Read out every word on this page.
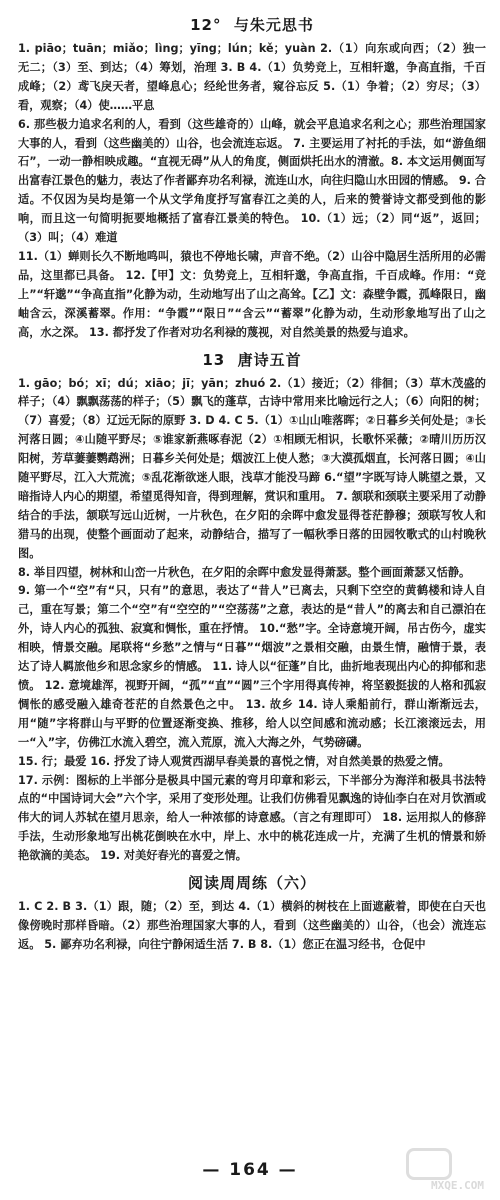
12°  与朱元思书

1. piāo；tuān；miǎo；lìng；yīng；lún；kě；yuàn 2.（1）向东或向西；（2）独一无二；（3）至、到达；（4）筹划，治理 3. B 4.（1）负势竞上，互相轩邈，争高直指，千百成峰；（2）鸢飞戾天者，望峰息心；经纶世务者，窥谷忘反 5.（1）争着；（2）穷尽；（3）看，观察；（4）使……平息

6. 那些极力追求名利的人，看到（这些雄奇的）山峰，就会平息追求名利之心；那些治理国家大事的人，看到（这些幽美的）山谷，也会流连忘返。 7. 主要运用了衬托的手法，如“游鱼细石”，一动一静相映成趣。“直视无碍”从人的角度，侧面烘托出水的清澈。8. 本文运用侧面写出富春江景色的魅力，表达了作者鄙弃功名利禄，流连山水，向往归隐山水田园的情感。 9. 合适。不仅因为吴均是第一个从文学角度抒写富春江之美的人，后来的赞誉诗文都受到他的影响，而且这一句简明扼要地概括了富春江景美的特色。 10.（1）远；（2）同“返”，返回；（3）叫；（4）难道

11.（1）蝉则长久不断地鸣叫，猿也不停地长啸，声音不绝。（2）山谷中隐居生活所用的必需品，这里都已具备。 12.【甲】文：负势竞上，互相轩邈，争高直指，千百成峰。作用：“竞上”“轩邈”“争高直指”化静为动，生动地写出了山之高耸。【乙】文：森壁争霞，孤峰限日，幽岫含云，深溪蓄翠。作用：“争霞”“限日”“含云”“蓄翠”化静为动，生动形象地写出了山之高，水之深。 13. 都抒发了作者对功名利禄的蔑视，对自然美景的热爱与追求。

13  唐诗五首

1. gāo；bó；xī；dú；xiāo；jī；yān；zhuó 2.（1）接近；（2）徘徊；（3）草木茂盛的样子；（4）飘飘荡荡的样子；（5）飘飞的蓬草，古诗中常用来比喻远行之人；（6）向阳的树；（7）喜爱；（8）辽远无际的原野 3. D 4. C 5.（1）①山山唯落晖；②日暮乡关何处是；③长河落日圆；④山随平野尽；⑤谁家新燕啄春泥（2）①相顾无相识，长歌怀采薇；②晴川历历汉阳树，芳草萋萋鹦鹉洲；日暮乡关何处是；烟波江上使人愁；③大漠孤烟直，长河落日圆；④山随平野尽，江入大荒流；⑤乱花渐欲迷人眼，浅草才能没马蹄 6.“望”字既写诗人眺望之景，又暗指诗人内心的期望，希望觅得知音，得到理解，赏识和重用。 7. 颔联和颈联主要采用了动静结合的手法，颔联写远山近树，一片秋色，在夕阳的余晖中愈发显得苍茫静穆；颈联写牧人和猎马的出现，使整个画面动了起来，动静结合，描写了一幅秋季日落的田园牧歌式的山村晚秋图。

8. 举目四望，树林和山峦一片秋色，在夕阳的余晖中愈发显得萧瑟。整个画面萧瑟又恬静。

9. 第一个“空”有“只，只有”的意思，表达了“昔人”已离去，只剩下空空的黄鹤楼和诗人自己，重在写景；第二个“空”有“空空的”“空荡荡”之意，表达的是“昔人”的离去和自己漂泊在外，诗人内心的孤独、寂寞和惆怅，重在抒情。 10.“愁”字。全诗意境开阔，吊古伤今，虚实相映，情景交融。尾联将“乡愁”之情与“日暮”“烟波”之景相交融，由景生情，融情于景，表达了诗人羁旅他乡和思念家乡的情感。 11. 诗人以“征蓬”自比，曲折地表现出内心的抑郁和悲愤。 12. 意境雄浑，视野开阔，“孤”“直”“圆”三个字用得真传神，将坚毅挺拔的人格和孤寂惆怅的感受融入雄奇苍茫的自然景色之中。 13. 故乡 14. 诗人乘船前行，群山渐渐远去，用“随”字将群山与平野的位置逐渐变换、推移，给人以空间感和流动感；长江滚滚远去，用一“入”字，仿佛江水流入碧空，流入荒原，流入大海之外，气势磅礴。

15. 行；最爱 16. 抒发了诗人观赏西湖早春美景的喜悦之情，对自然美景的热爱之情。

17. 示例：图标的上半部分是极具中国元素的弯月印章和彩云，下半部分为海洋和极具书法特点的“中国诗词大会”六个字，采用了变形处理。让我们仿佛看见飘逸的诗仙李白在对月饮酒或伟大的词人苏轼在望月思亲，给人一种浓郁的诗意感。（言之有理即可） 18. 运用拟人的修辞手法，生动形象地写出桃花倒映在水中，岸上、水中的桃花连成一片，充满了生机的情景和娇艳欲滴的美态。 19. 对美好春光的喜爱之情。

阅读周周练（六）

1. C 2. B 3.（1）跟，随；（2）至，到达 4.（1）横斜的树枝在上面遮蔽着，即使在白天也像傍晚时那样昏暗。（2）那些治理国家大事的人，看到（这些幽美的）山谷，（也会）流连忘返。 5. 鄙弃功名利禄，向往宁静闲适生活 7. B 8.（1）您正在温习经书，仓促中

— 164 —
MXQE.COM
